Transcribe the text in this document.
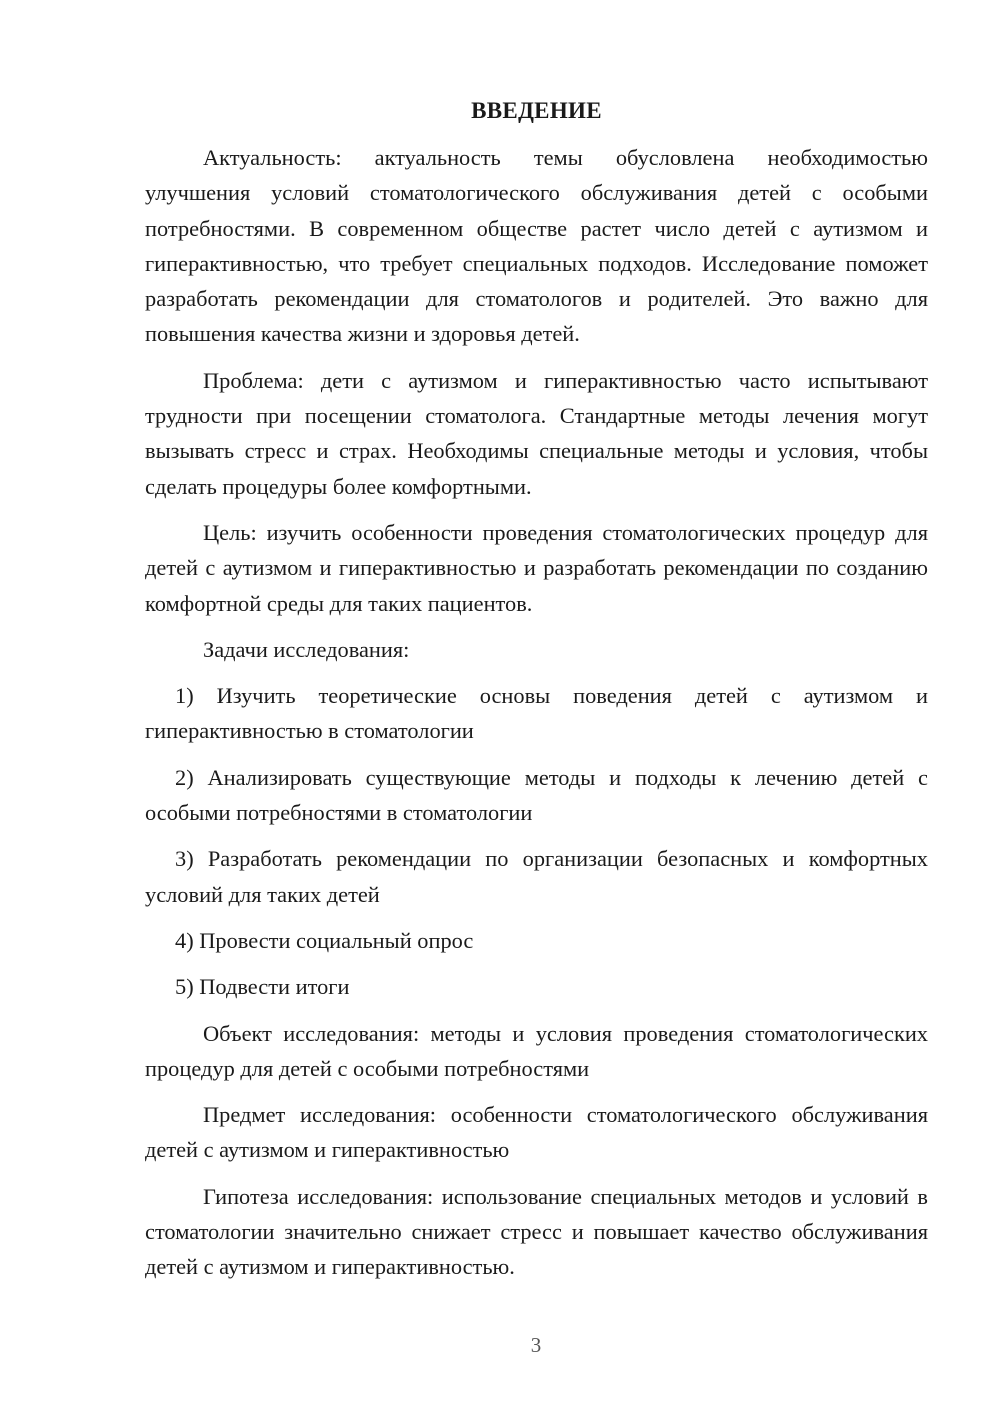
ВВЕДЕНИЕ

Актуальность: актуальность темы обусловлена необходимостью улучшения условий стоматологического обслуживания детей с особыми потребностями. В современном обществе растет число детей с аутизмом и гиперактивностью, что требует специальных подходов. Исследование поможет разработать рекомендации для стоматологов и родителей. Это важно для повышения качества жизни и здоровья детей.

Проблема: дети с аутизмом и гиперактивностью часто испытывают трудности при посещении стоматолога. Стандартные методы лечения могут вызывать стресс и страх. Необходимы специальные методы и условия, чтобы сделать процедуры более комфортными.

Цель: изучить особенности проведения стоматологических процедур для детей с аутизмом и гиперактивностью и разработать рекомендации по созданию комфортной среды для таких пациентов.

Задачи исследования:

1) Изучить теоретические основы поведения детей с аутизмом и гиперактивностью в стоматологии

2) Анализировать существующие методы и подходы к лечению детей с особыми потребностями в стоматологии

3) Разработать рекомендации по организации безопасных и комфортных условий для таких детей

4) Провести социальный опрос

5) Подвести итоги

Объект исследования: методы и условия проведения стоматологических процедур для детей с особыми потребностями

Предмет исследования: особенности стоматологического обслуживания детей с аутизмом и гиперактивностью

Гипотеза исследования: использование специальных методов и условий в стоматологии значительно снижает стресс и повышает качество обслуживания детей с аутизмом и гиперактивностью.

3
